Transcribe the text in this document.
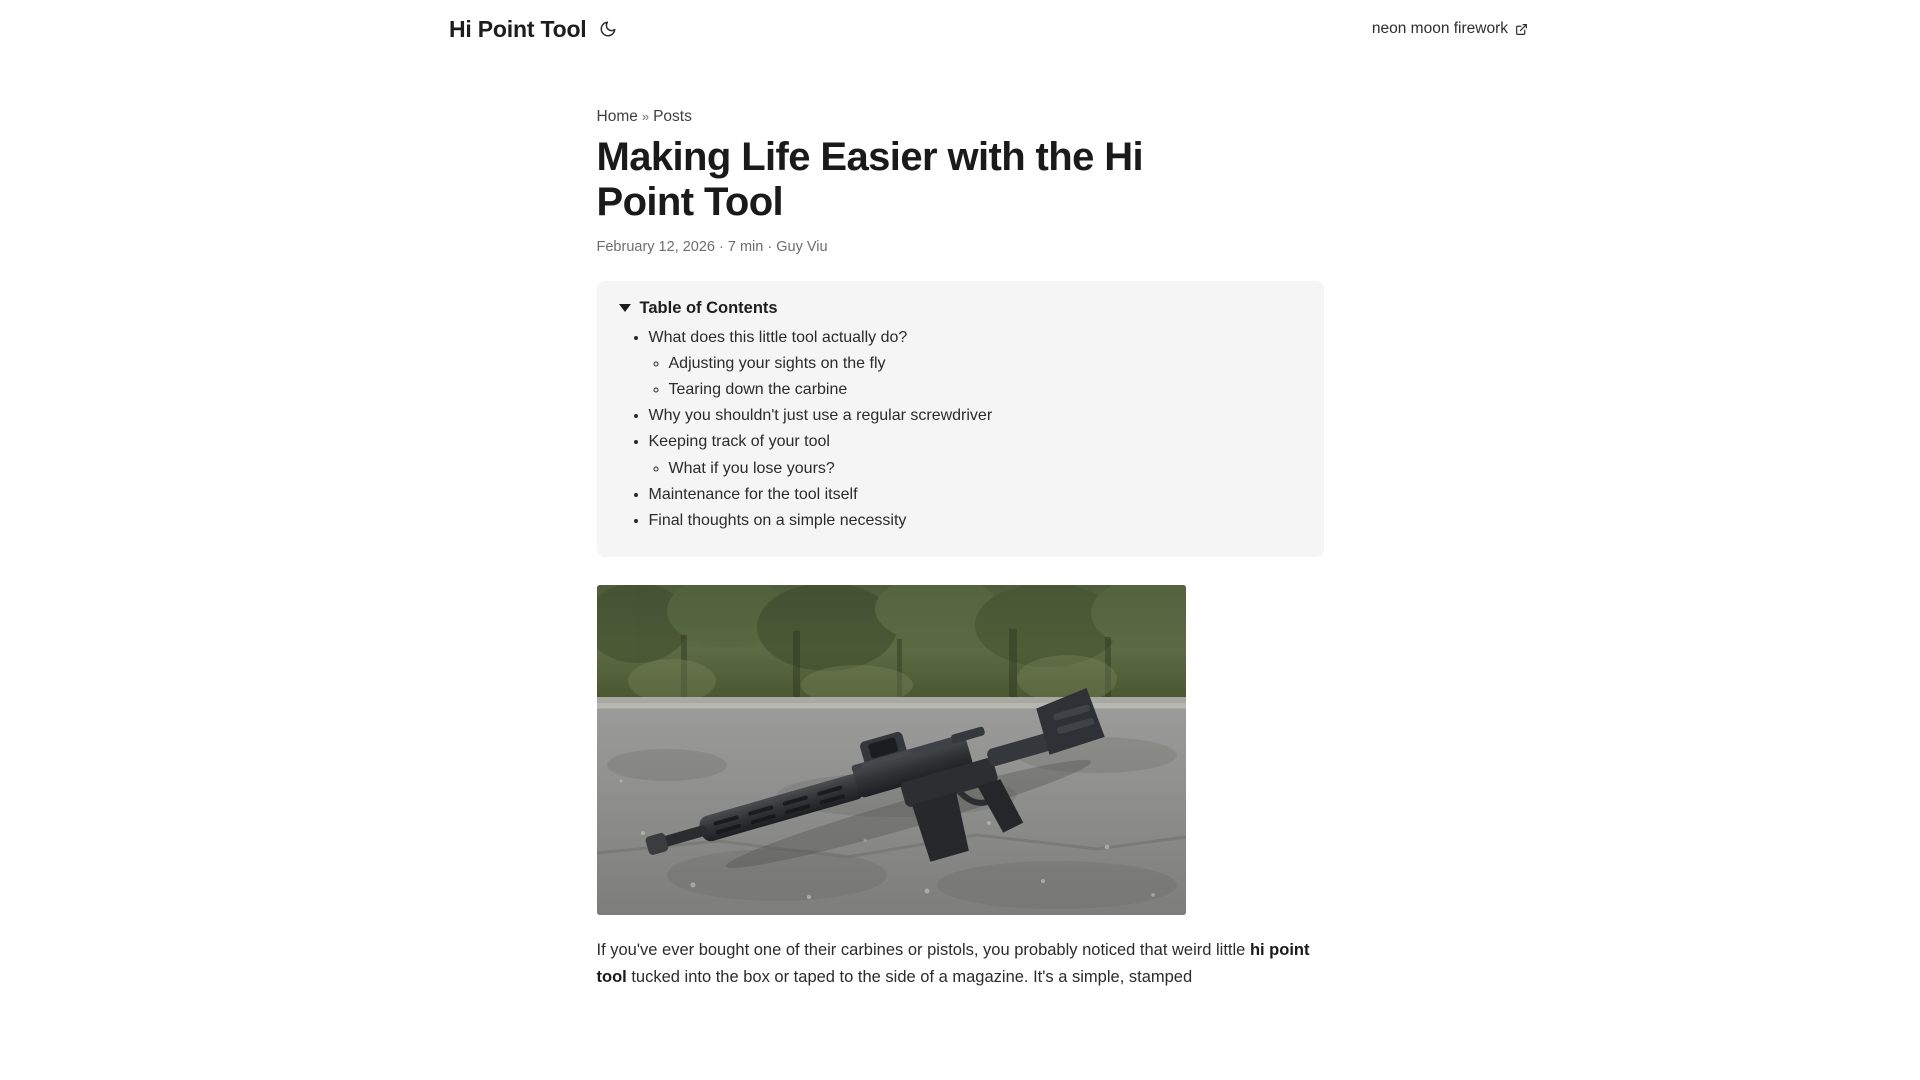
Hi Point Tool	neon moon firework
Home » Posts
Making Life Easier with the Hi Point Tool
February 12, 2026 · 7 min · Guy Viu
Table of Contents
• What does this little tool actually do?
◦ Adjusting your sights on the fly
◦ Tearing down the carbine
• Why you shouldn't just use a regular screwdriver
• Keeping track of your tool
◦ What if you lose yours?
• Maintenance for the tool itself
• Final thoughts on a simple necessity

If you've ever bought one of their carbines or pistols, you probably noticed that weird little hi point tool tucked into the box or taped to the side of a magazine. It's a simple, stamped
